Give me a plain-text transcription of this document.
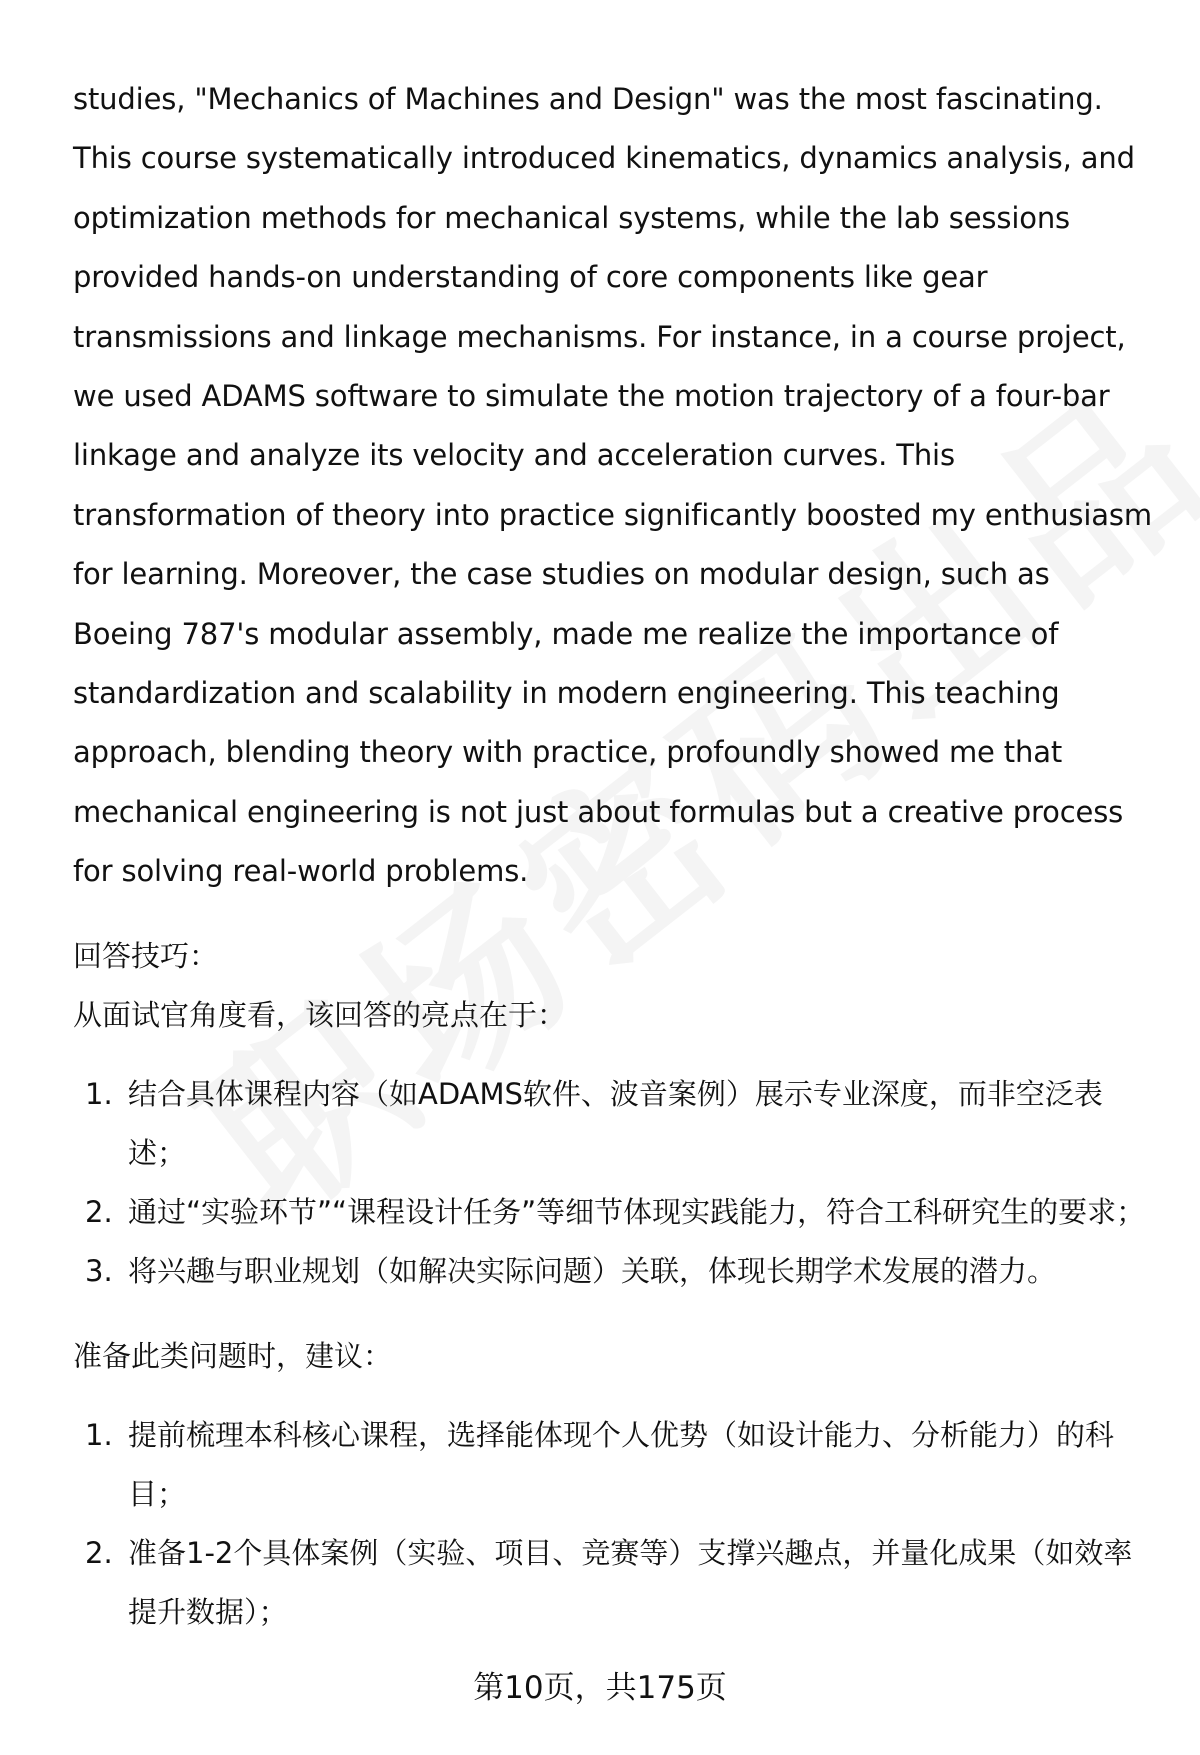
studies, "Mechanics of Machines and Design" was the most fascinating. This course systematically introduced kinematics, dynamics analysis, and optimization methods for mechanical systems, while the lab sessions provided hands-on understanding of core components like gear transmissions and linkage mechanisms. For instance, in a course project, we used ADAMS software to simulate the motion trajectory of a four-bar linkage and analyze its velocity and acceleration curves. This transformation of theory into practice significantly boosted my enthusiasm for learning. Moreover, the case studies on modular design, such as Boeing 787's modular assembly, made me realize the importance of standardization and scalability in modern engineering. This teaching approach, blending theory with practice, profoundly showed me that mechanical engineering is not just about formulas but a creative process for solving real-world problems.

回答技巧：

从面试官角度看，该回答的亮点在于：

1. 结合具体课程内容（如ADAMS软件、波音案例）展示专业深度，而非空泛表述；
2. 通过“实验环节”“课程设计任务”等细节体现实践能力，符合工科研究生的要求；
3. 将兴趣与职业规划（如解决实际问题）关联，体现长期学术发展的潜力。

准备此类问题时，建议：

1. 提前梳理本科核心课程，选择能体现个人优势（如设计能力、分析能力）的科目；
2. 准备1-2个具体案例（实验、项目、竞赛等）支撑兴趣点，并量化成果（如效率提升数据）；
第10页，共175页
